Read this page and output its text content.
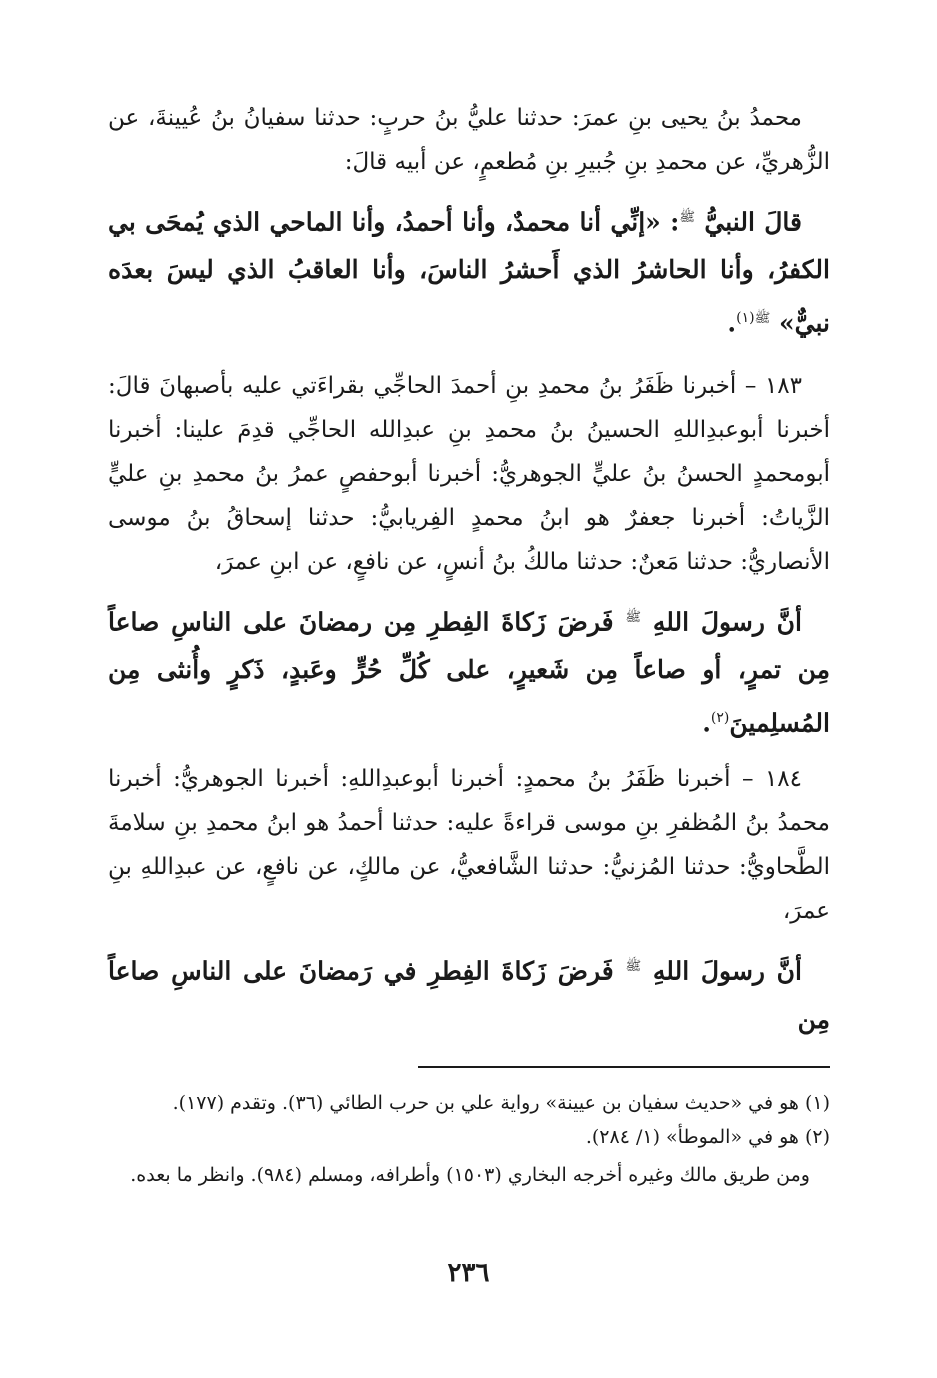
محمدُ بنُ يحيى بنِ عمرَ: حدثنا عليُّ بنُ حربٍ: حدثنا سفيانُ بنُ عُيينةَ، عن الزُّهريِّ، عن محمدِ بنِ جُبيرِ بنِ مُطعمٍ، عن أبيه قالَ:

قالَ النبيُّ $^ﷺ$: «إنِّي أنا محمدٌ، وأنا أحمدُ، وأنا الماحي الذي يُمحَى بي الكفرُ، وأنا الحاشرُ الذي أَحشرُ الناسَ، وأنا العاقبُ الذي ليسَ بعدَه نبيٌّ» $^{ﷺ(١)}$.

١٨٣ – أخبرنا ظَفَرُ بنُ محمدِ بنِ أحمدَ الحاجِّي بقراءَتي عليه بأصبهانَ قالَ: أخبرنا أبوعبدِاللهِ الحسينُ بنُ محمدِ بنِ عبدِالله الحاجِّي قدِمَ علينا: أخبرنا أبومحمدٍ الحسنُ بنُ عليٍّ الجوهريُّ: أخبرنا أبوحفصٍ عمرُ بنُ محمدِ بنِ عليٍّ الزَّياتُ: أخبرنا جعفرٌ هو ابنُ محمدٍ الفِريابيُّ: حدثنا إسحاقُ بنُ موسى الأنصاريُّ: حدثنا مَعنٌ: حدثنا مالكُ بنُ أنسٍ، عن نافعٍ، عن ابنِ عمرَ،

أنَّ رسولَ اللهِ $^ﷺ$ فَرضَ زَكاةَ الفِطرِ مِن رمضانَ على الناسِ صاعاً مِن تمرٍ، أو صاعاً مِن شَعيرٍ، على كُلِّ حُرٍّ وعَبدٍ، ذَكرٍ وأُنثى مِن المُسلِمينَ$^{(٢)}$.

١٨٤ – أخبرنا ظَفَرُ بنُ محمدٍ: أخبرنا أبوعبدِاللهِ: أخبرنا الجوهريُّ: أخبرنا محمدُ بنُ المُظفرِ بنِ موسى قراءةً عليه: حدثنا أحمدُ هو ابنُ محمدِ بنِ سلامةَ الطَّحاويُّ: حدثنا المُزنيُّ: حدثنا الشَّافعيُّ، عن مالكٍ، عن نافعٍ، عن عبدِاللهِ بنِ عمرَ،

أنَّ رسولَ اللهِ $^ﷺ$ فَرضَ زَكاةَ الفِطرِ في رَمضانَ على الناسِ صاعاً مِن

(١) هو في «حديث سفيان بن عيينة» رواية علي بن حرب الطائي (٣٦). وتقدم (١٧٧).

(٢) هو في «الموطأ» (١/ ٢٨٤).

ومن طريق مالك وغيره أخرجه البخاري (١٥٠٣) وأطرافه، ومسلم (٩٨٤). وانظر ما بعده.

٢٣٦
